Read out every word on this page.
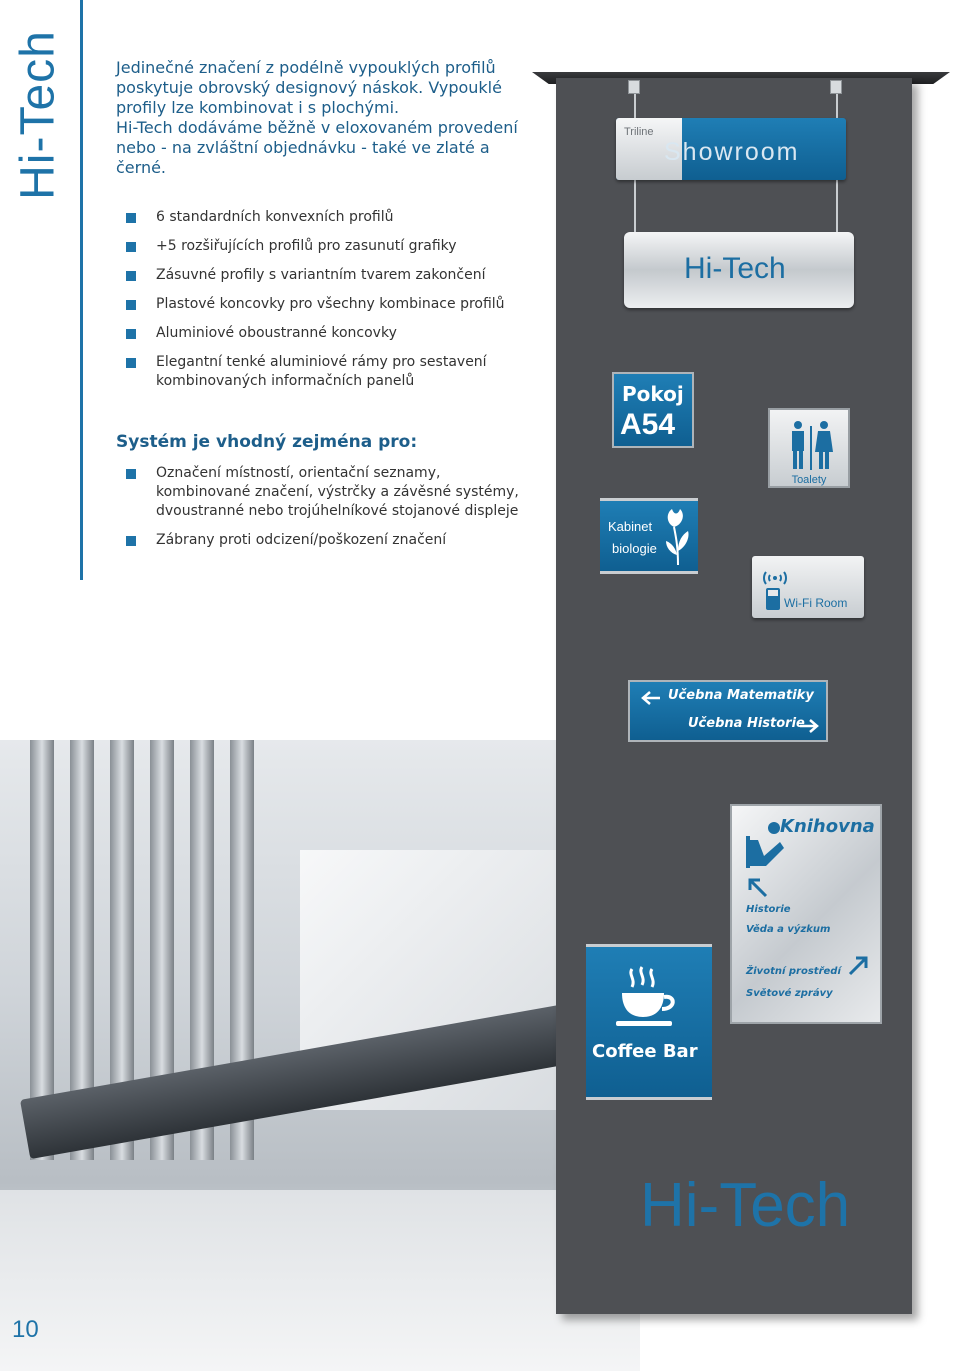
Hi-Tech	Jedinečné značení z podélně vypouklých profilů poskytuje obrovský designový náskok. Vypouklé profily lze kombinovat i s plochými.

Hi-Tech dodáváme běžně v eloxovaném provedení nebo - na zvláštní objednávku - také ve zlaté a černé.

6 standardních konvexních profilů
+5 rozšiřujících profilů pro zasunutí grafiky
Zásuvné profily s variantním tvarem zakončení
Plastové koncovky pro všechny kombinace profilů
Aluminiové oboustranné koncovky
Elegantní tenké aluminiové rámy pro sestavení kombinovaných informačních panelů
Systém je vhodný zejména pro:
Označení místností, orientační seznamy, kombinované značení, výstrčky a závěsné systémy, dvoustranné nebo trojúhelníkové stojanové displeje
Zábrany proti odcizení/poškození značení
Triline
Showroom
Hi-Tech
Pokoj
A54
Toalety
Kabinet
biologie
Wi-Fi Room
Učebna Matematiky
Učebna Historie
Knihovna
Historie
Věda a výzkum
Životní prostředí
Světové zprávy
Coffee Bar
Hi-Tech
10
